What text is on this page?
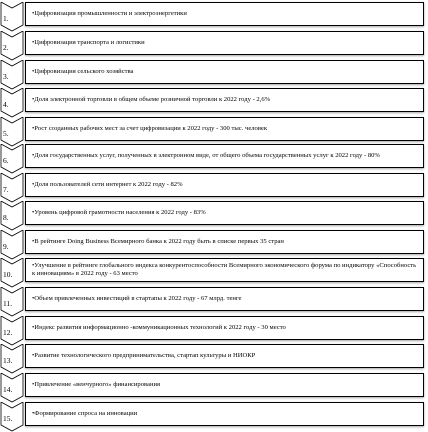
1.
•Цифровизация промышленности и электроэнергетики
2.
•Цифровизация транспорта и логистики
3.
•Цифровизация сельского хозяйства
4.
•Доля электронной торговли в общем объеме розничной торговли к 2022 году - 2,6%
5.
•Рост созданных рабочих мест за счет цифровизации к 2022 году - 300 тыс. человек
6.
•Доля государственных услуг, полученных в электронном виде, от общего объема государственных услуг к 2022 году - 80%
7.
•Доля пользователей сети интернет к 2022 году - 82%
8.
•Уровень цифровой грамотности населения к 2022 году - 83%
9.
•В рейтинге Doing Business Всемирного банка к 2022 году быть в списке первых 35 стран
10.
•Улучшение в рейтинге глобального индекса конкурентоспособности Всемирного экономического форума по индикатору «Способность к инновациям» в 2022 году - 63 место
11.
•Объем привлеченных инвестиций в стартапы к 2022 году - 67 млрд. тенге
12.
•Индекс развития информационно -коммуникационных технологий к 2022 году - 30 место
13.
•Развитие технологического предпринимательства, стартап культуры и НИОКР
14.
•Привлечение «венчурного» финансирования
15.
•Формирование спроса на инновации
